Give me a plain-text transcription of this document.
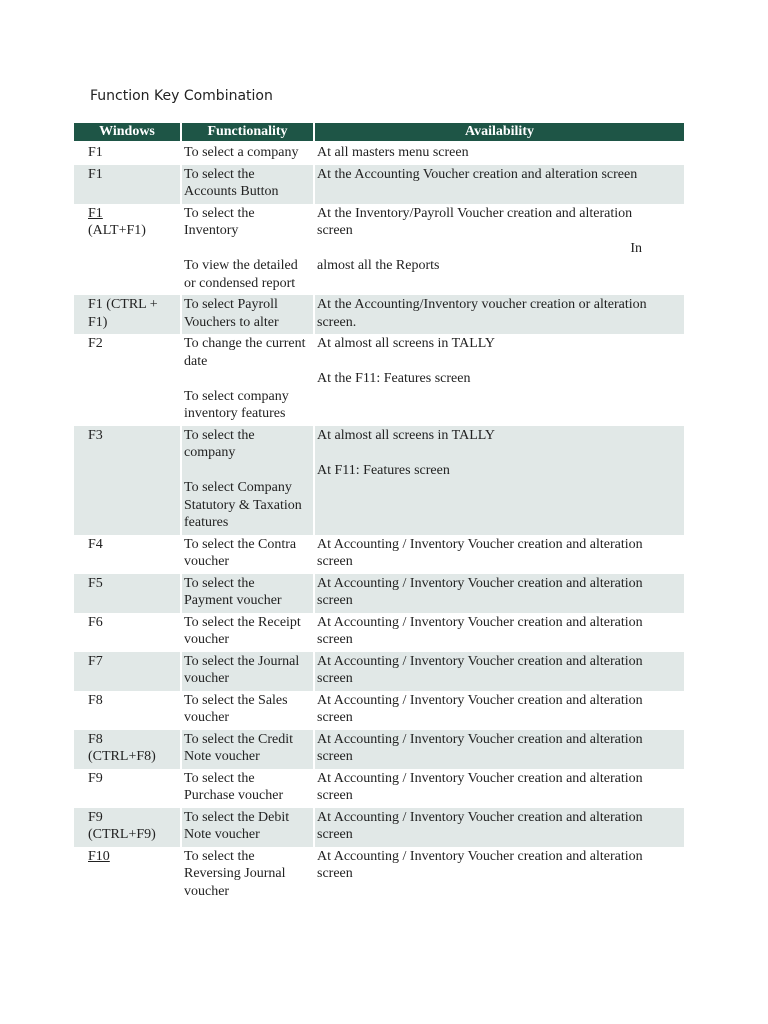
Function Key Combination
Windows	Functionality	Availability

F1	To select a company	At all masters menu screen

F1	To select the
Accounts Button	At the Accounting Voucher creation and alteration screen

F1
(ALT+F1)	To select the
Inventory
To view the detailed
or condensed report	At the Inventory/Payroll Voucher creation and alteration
screen
In
almost all the Reports

F1 (CTRL +
F1)	To select Payroll
Vouchers to alter	At the Accounting/Inventory voucher creation or alteration
screen.

F2	To change the current
date
To select company
inventory features	At almost all screens in TALLY
At the F11: Features screen

F3	To select the
company
To select Company
Statutory & Taxation
features	At almost all screens in TALLY
At F11: Features screen

F4	To select the Contra
voucher	At Accounting / Inventory Voucher creation and alteration
screen

F5	To select the
Payment voucher	At Accounting / Inventory Voucher creation and alteration
screen

F6	To select the Receipt
voucher	At Accounting / Inventory Voucher creation and alteration
screen

F7	To select the Journal
voucher	At Accounting / Inventory Voucher creation and alteration
screen

F8	To select the Sales
voucher	At Accounting / Inventory Voucher creation and alteration
screen

F8
(CTRL+F8)	To select the Credit
Note voucher	At Accounting / Inventory Voucher creation and alteration
screen

F9	To select the
Purchase voucher	At Accounting / Inventory Voucher creation and alteration
screen

F9
(CTRL+F9)	To select the Debit
Note voucher	At Accounting / Inventory Voucher creation and alteration
screen

F10	To select the
Reversing Journal
voucher	At Accounting / Inventory Voucher creation and alteration
screen
